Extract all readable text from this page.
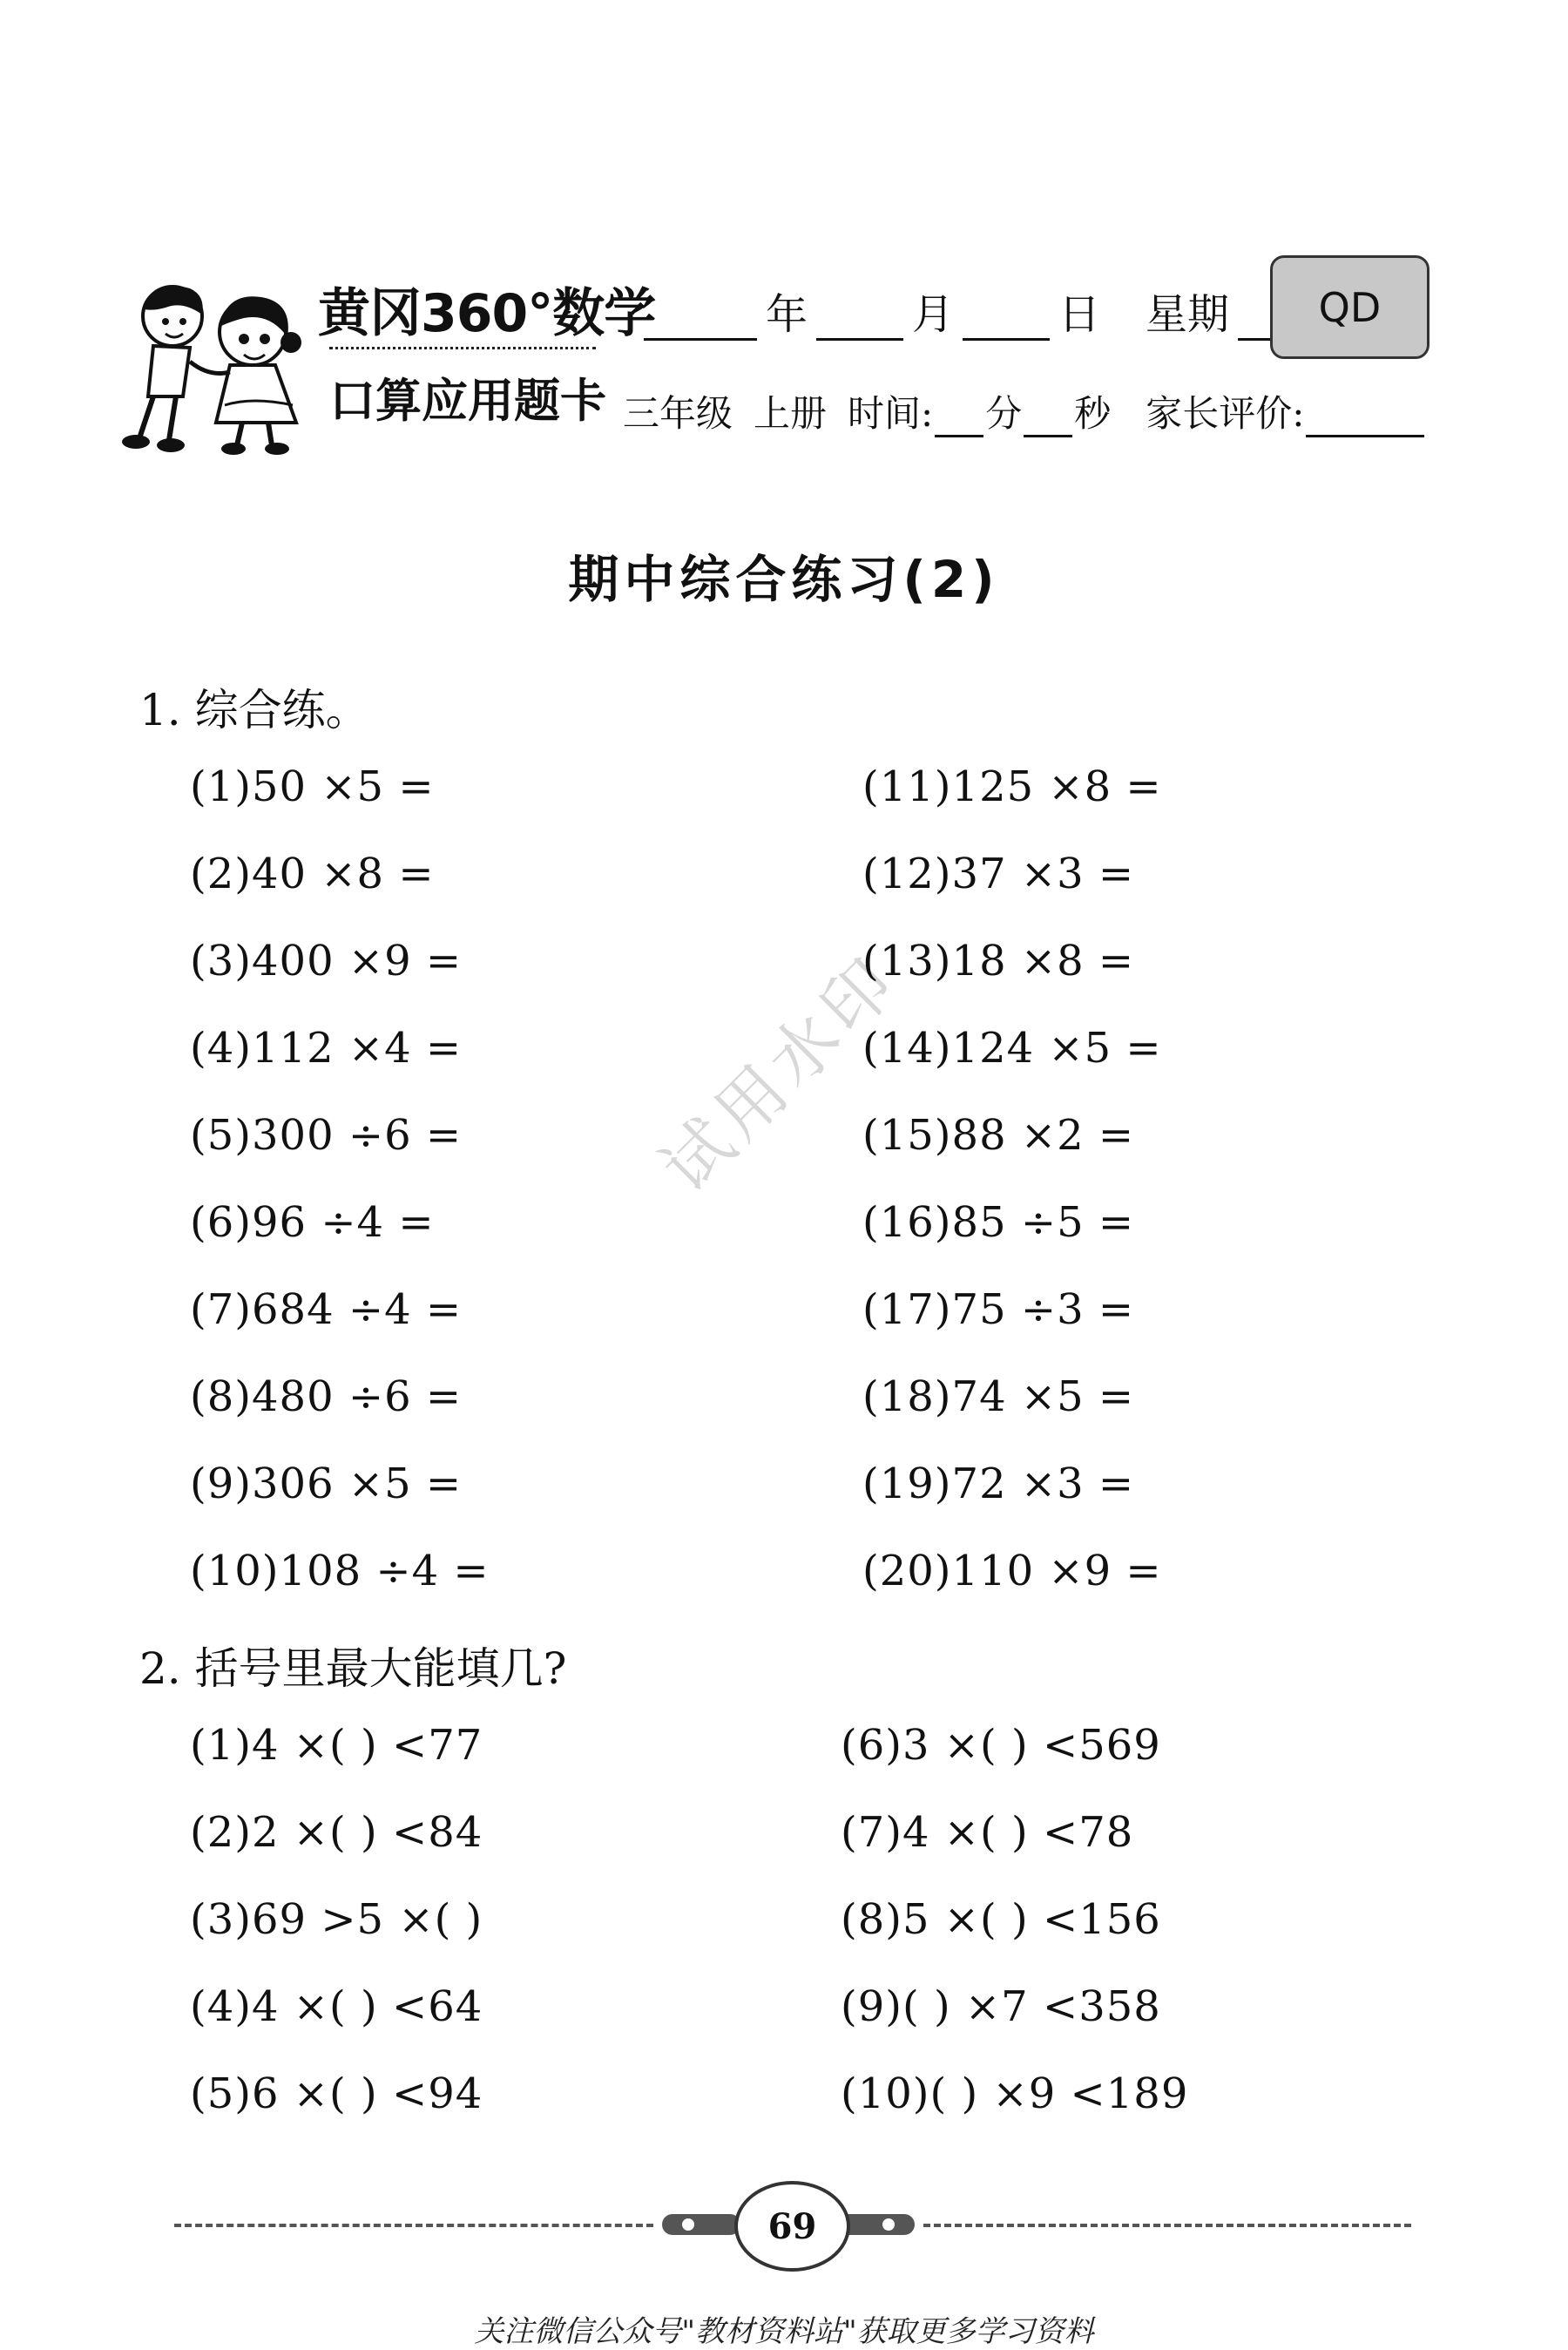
黄冈360°数学
口算应用题卡
年	月	日 星期	QD
三年级 上册 时间: 分 秒 家长评价:
期中综合练习(2)
试用水印
1. 综合练。
(1)50 ×5 =
(2)40 ×8 =
(3)400 ×9 =
(4)112 ×4 =
(5)300 ÷6 =
(6)96 ÷4 =
(7)684 ÷4 =
(8)480 ÷6 =
(9)306 ×5 =
(10)108 ÷4 =
(11)125 ×8 =
(12)37 ×3 =
(13)18 ×8 =
(14)124 ×5 =
(15)88 ×2 =
(16)85 ÷5 =
(17)75 ÷3 =
(18)74 ×5 =
(19)72 ×3 =
(20)110 ×9 =
2. 括号里最大能填几?
(1)4 ×( ) <77
(2)2 ×( ) <84
(3)69 >5 ×( )
(4)4 ×( ) <64
(5)6 ×( ) <94
(6)3 ×( ) <569
(7)4 ×( ) <78
(8)5 ×( ) <156
(9)( ) ×7 <358
(10)( ) ×9 <189
69
关注微信公众号"教材资料站"获取更多学习资料
